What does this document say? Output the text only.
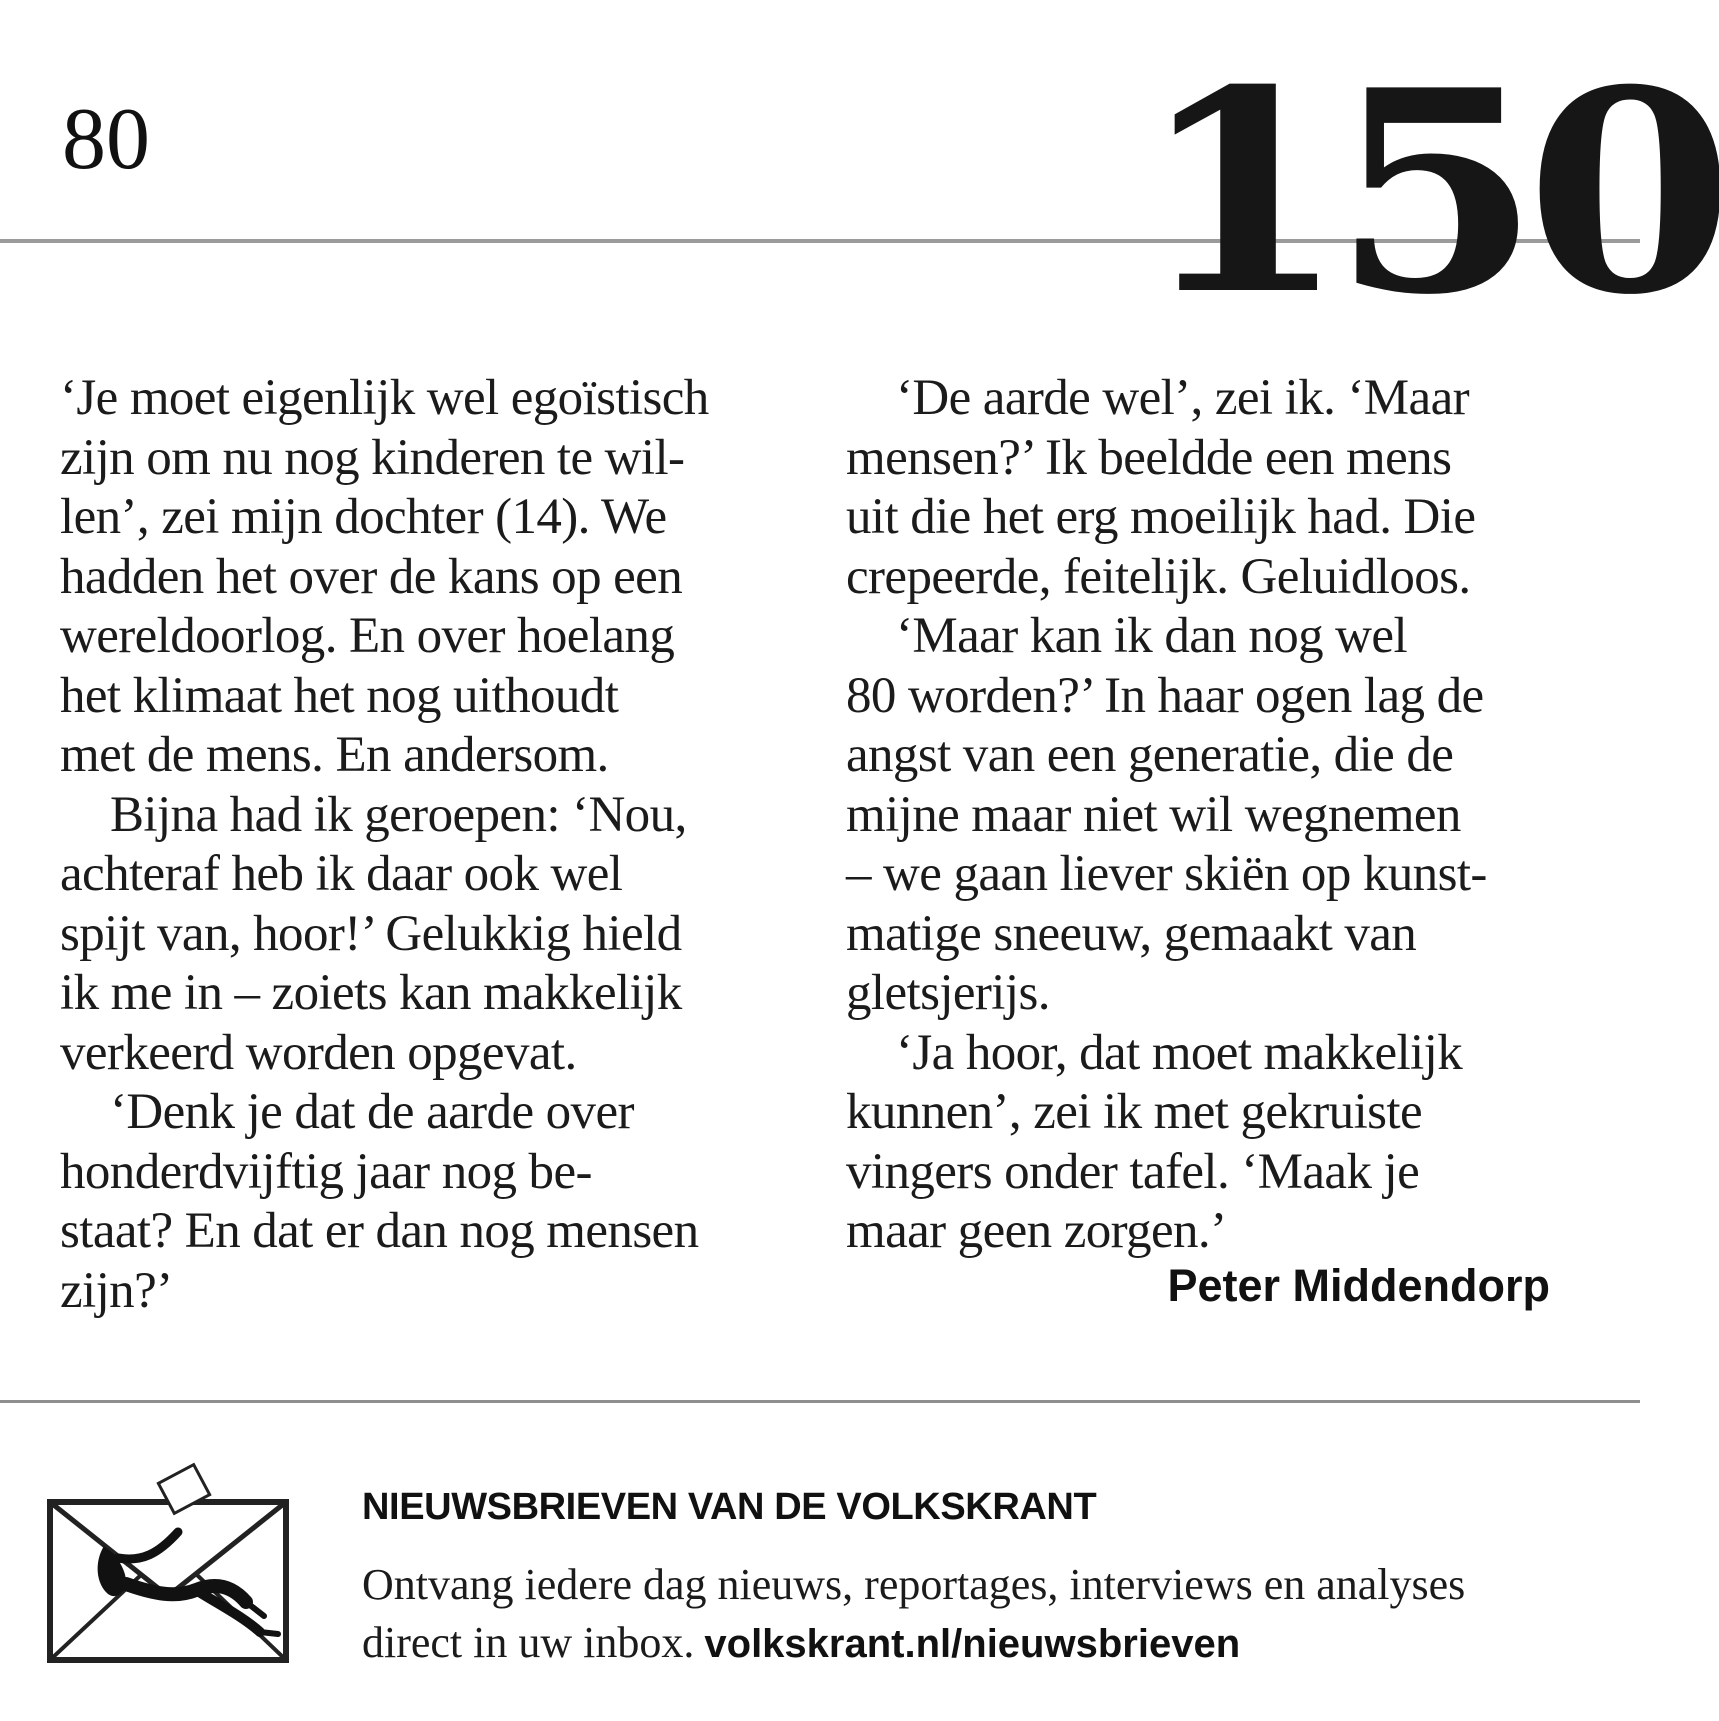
80	150
‘Je moet eigenlijk wel egoïstisch
zijn om nu nog kinderen te wil-
len’, zei mijn dochter (14). We
hadden het over de kans op een
wereldoorlog. En over hoelang
het klimaat het nog uithoudt
met de mens. En andersom.
Bijna had ik geroepen: ‘Nou,
achteraf heb ik daar ook wel
spijt van, hoor!’ Gelukkig hield
ik me in – zoiets kan makkelijk
verkeerd worden opgevat.
‘Denk je dat de aarde over
honderdvijftig jaar nog be-
staat? En dat er dan nog mensen
zijn?’
‘De aarde wel’, zei ik. ‘Maar
mensen?’ Ik beeldde een mens
uit die het erg moeilijk had. Die
crepeerde, feitelijk. Geluidloos.
‘Maar kan ik dan nog wel
80 worden?’ In haar ogen lag de
angst van een generatie, die de
mijne maar niet wil wegnemen
– we gaan liever skiën op kunst-
matige sneeuw, gemaakt van
gletsjerijs.
‘Ja hoor, dat moet makkelijk
kunnen’, zei ik met gekruiste
vingers onder tafel. ‘Maak je
maar geen zorgen.’
Peter Middendorp
NIEUWSBRIEVEN VAN DE VOLKSKRANT
Ontvang iedere dag nieuws, reportages, interviews en analyses
direct in uw inbox. volkskrant.nl/nieuwsbrieven
